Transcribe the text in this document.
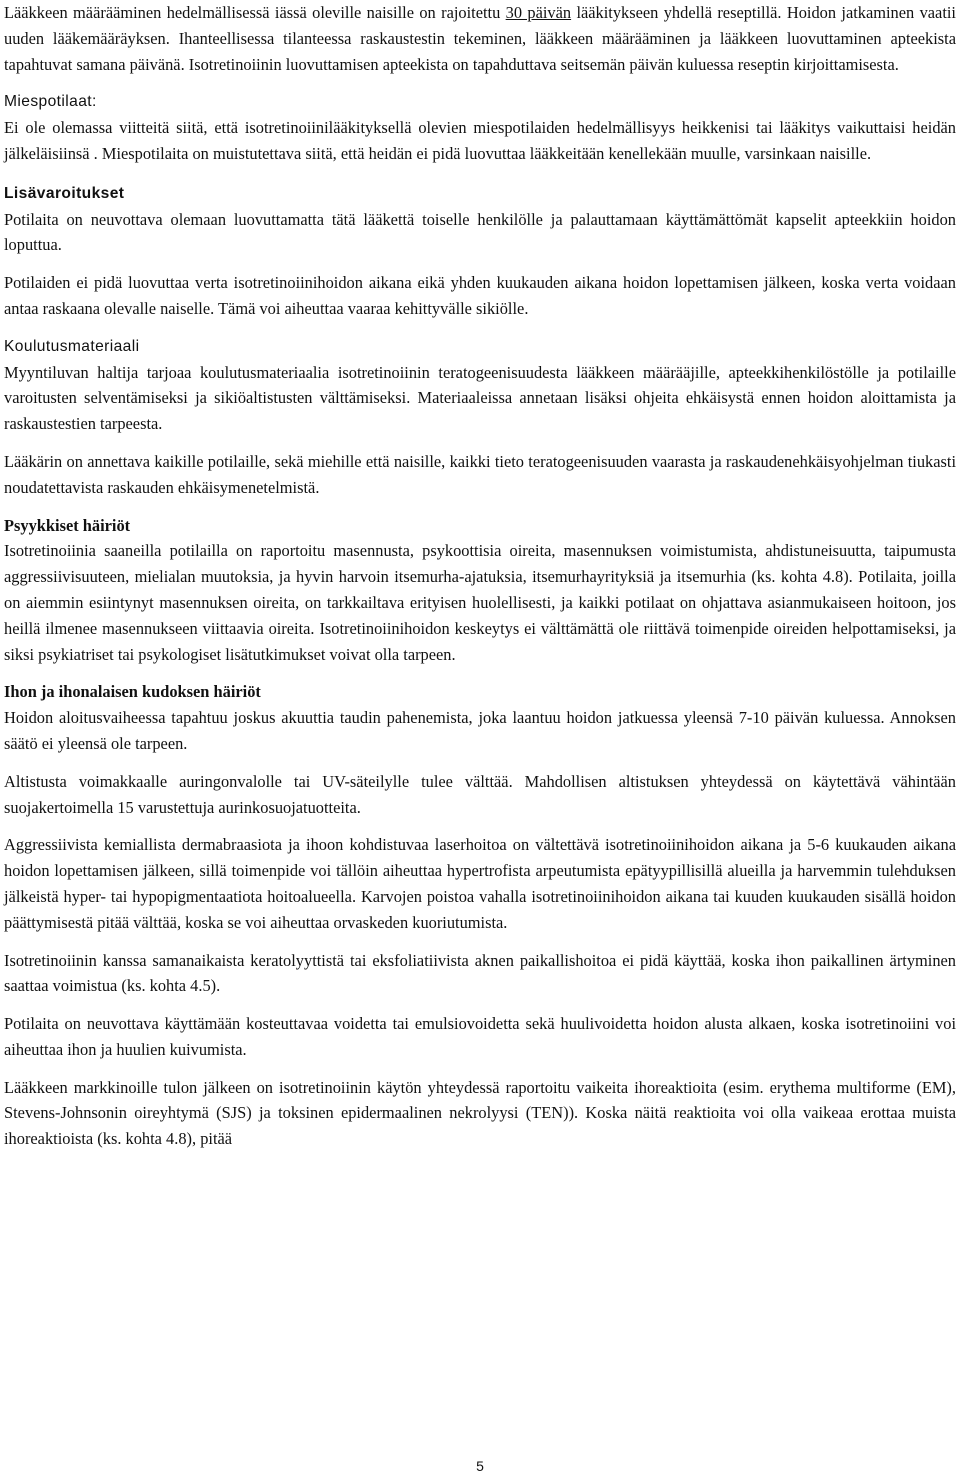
Lääkkeen määrääminen hedelmällisessä iässä oleville naisille on rajoitettu 30 päivän lääkitykseen yhdellä reseptillä. Hoidon jatkaminen vaatii uuden lääkemääräyksen. Ihanteellisessa tilanteessa raskaustestin tekeminen, lääkkeen määrääminen ja lääkkeen luovuttaminen apteekista tapahtuvat samana päivänä. Isotretinoiinin luovuttamisen apteekista on tapahduttava seitsemän päivän kuluessa reseptin kirjoittamisesta.

Miespotilaat:

Ei ole olemassa viitteitä siitä, että isotretinoiinilääkityksellä olevien miespotilaiden hedelmällisyys heikkenisi tai lääkitys vaikuttaisi heidän jälkeläisiinsä . Miespotilaita on muistutettava siitä, että heidän ei pidä luovuttaa lääkkeitään kenellekään muulle, varsinkaan naisille.

Lisävaroitukset

Potilaita on neuvottava olemaan luovuttamatta tätä lääkettä toiselle henkilölle ja palauttamaan käyttämättömät kapselit apteekkiin hoidon loputtua.

Potilaiden ei pidä luovuttaa verta isotretinoiinihoidon aikana eikä yhden kuukauden aikana hoidon lopettamisen jälkeen, koska verta voidaan antaa raskaana olevalle naiselle. Tämä voi aiheuttaa vaaraa kehittyvälle sikiölle.

Koulutusmateriaali

Myyntiluvan haltija tarjoaa koulutusmateriaalia isotretinoiinin teratogeenisuudesta lääkkeen määrääjille, apteekkihenkilöstölle ja potilaille varoitusten selventämiseksi ja sikiöaltistusten välttämiseksi. Materiaaleissa annetaan lisäksi ohjeita ehkäisystä ennen hoidon aloittamista ja raskaustestien tarpeesta.

Lääkärin on annettava kaikille potilaille, sekä miehille että naisille, kaikki tieto teratogeenisuuden vaarasta ja raskaudenehkäisyohjelman tiukasti noudatettavista raskauden ehkäisymenetelmistä.

Psyykkiset häiriöt

Isotretinoiinia saaneilla potilailla on raportoitu masennusta, psykoottisia oireita, masennuksen voimistumista, ahdistuneisuutta, taipumusta aggressiivisuuteen, mielialan muutoksia, ja hyvin harvoin itsemurha-ajatuksia, itsemurhayrityksiä ja itsemurhia (ks. kohta 4.8). Potilaita, joilla on aiemmin esiintynyt masennuksen oireita, on tarkkailtava erityisen huolellisesti, ja kaikki potilaat on ohjattava asianmukaiseen hoitoon, jos heillä ilmenee masennukseen viittaavia oireita. Isotretinoiinihoidon keskeytys ei välttämättä ole riittävä toimenpide oireiden helpottamiseksi, ja siksi psykiatriset tai psykologiset lisätutkimukset voivat olla tarpeen.

Ihon ja ihonalaisen kudoksen häiriöt

Hoidon aloitusvaiheessa tapahtuu joskus akuuttia taudin pahenemista, joka laantuu hoidon jatkuessa yleensä 7-10 päivän kuluessa. Annoksen säätö ei yleensä ole tarpeen.

Altistusta voimakkaalle auringonvalolle tai UV-säteilylle tulee välttää. Mahdollisen altistuksen yhteydessä on käytettävä vähintään suojakertoimella 15 varustettuja aurinkosuojatuotteita.

Aggressiivista kemiallista dermabraasiota ja ihoon kohdistuvaa laserhoitoa on vältettävä isotretinoiinihoidon aikana ja 5-6 kuukauden aikana hoidon lopettamisen jälkeen, sillä toimenpide voi tällöin aiheuttaa hypertrofista arpeutumista epätyypillisillä alueilla ja harvemmin tulehduksen jälkeistä hyper- tai hypopigmentaatiota hoitoalueella. Karvojen poistoa vahalla isotretinoiinihoidon aikana tai kuuden kuukauden sisällä hoidon päättymisestä pitää välttää, koska se voi aiheuttaa orvaskeden kuoriutumista.

Isotretinoiinin kanssa samanaikaista keratolyyttistä tai eksfoliatiivista aknen paikallishoitoa ei pidä käyttää, koska ihon paikallinen ärtyminen saattaa voimistua (ks. kohta 4.5).

Potilaita on neuvottava käyttämään kosteuttavaa voidetta tai emulsiovoidetta sekä huulivoidetta hoidon alusta alkaen, koska isotretinoiini voi aiheuttaa ihon ja huulien kuivumista.

Lääkkeen markkinoille tulon jälkeen on isotretinoiinin käytön yhteydessä raportoitu vaikeita ihoreaktioita (esim. erythema multiforme (EM), Stevens-Johnsonin oireyhtymä (SJS) ja toksinen epidermaalinen nekrolyysi (TEN)). Koska näitä reaktioita voi olla vaikeaa erottaa muista ihoreaktioista (ks. kohta 4.8), pitää

5
